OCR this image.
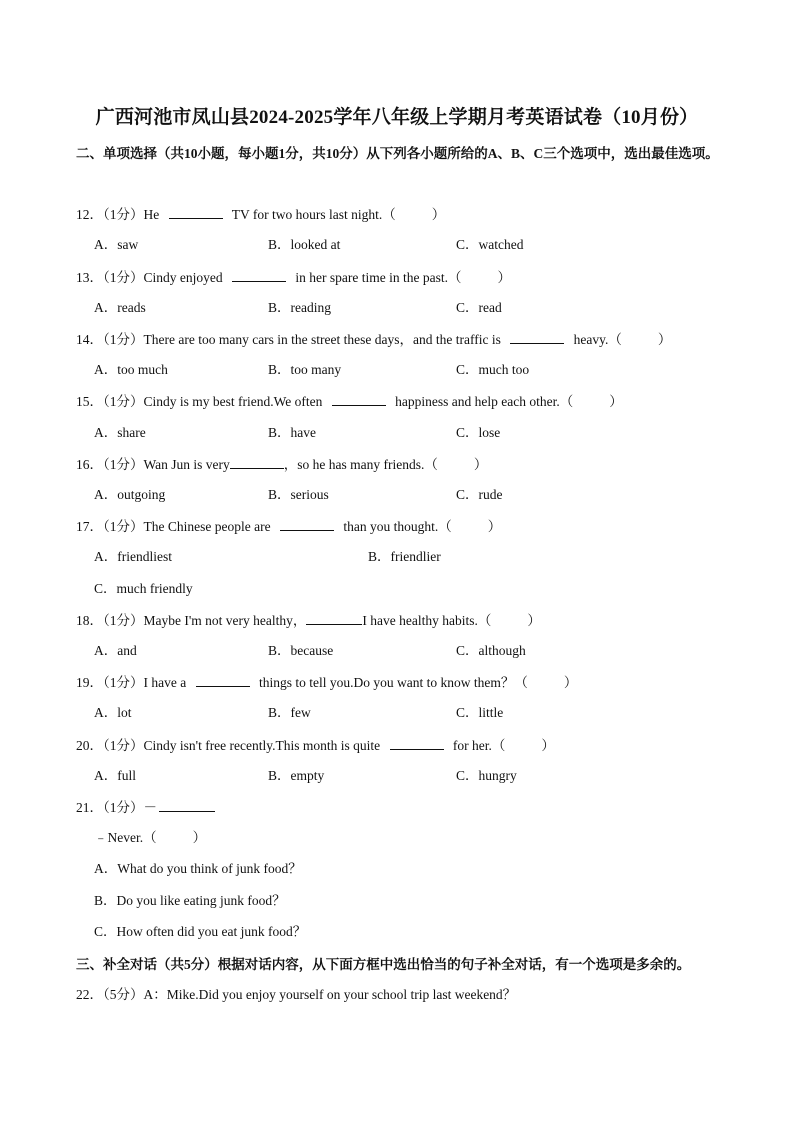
广西河池市凤山县2024-2025学年八年级上学期月考英语试卷（10月份）
二、单项选择（共10小题，每小题1分，共10分）从下列各小题所给的A、B、C三个选项中，选出最佳选项。
12．（1分）He	TV for two hours last night.（	）
A．saw	B．looked at	C．watched
13．（1分）Cindy enjoyed	in her spare time in the past.（	）
A．reads	B．reading	C．read
14．（1分）There are too many cars in the street these days，and the traffic is	heavy.（	）
A．too much	B．too many	C．much too
15．（1分）Cindy is my best friend.We often	happiness and help each other.（	）
A．share	B．have	C．lose
16．（1分）Wan Jun is very	，so he has many friends.（	）
A．outgoing	B．serious	C．rude
17．（1分）The Chinese people are	than you thought.（	）
A．friendliest	B．friendlier
C．much friendly
18．（1分）Maybe I'm not very healthy，	I have healthy habits.（	）
A．and	B．because	C．although
19．（1分）I have a	things to tell you.Do you want to know them？（	）
A．lot	B．few	C．little
20．（1分）Cindy isn't free recently.This month is quite	for her.（	）
A．full	B．empty	C．hungry
21．（1分）－
﹣Never.（	）
A．What do you think of junk food？
B．Do you like eating junk food？
C．How often did you eat junk food？
三、补全对话（共5分）根据对话内容，从下面方框中选出恰当的句子补全对话，有一个选项是多余的。
22．（5分）A：Mike.Did you enjoy yourself on your school trip last weekend？
